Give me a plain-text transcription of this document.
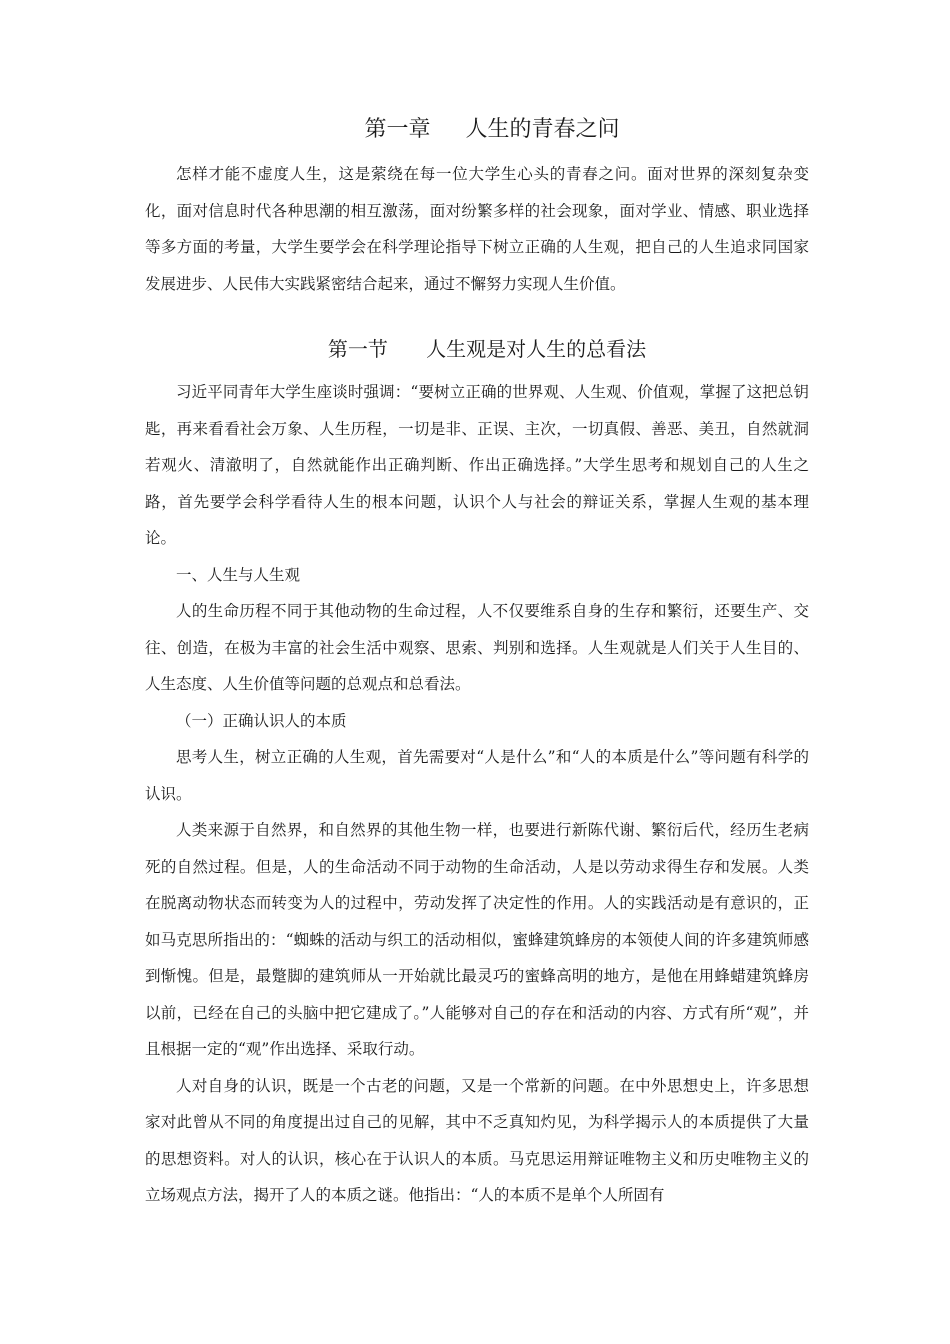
第一章     人生的青春之问

怎样才能不虚度人生，这是萦绕在每一位大学生心头的青春之问。面对世界的深刻复杂变化，面对信息时代各种思潮的相互激荡，面对纷繁多样的社会现象，面对学业、情感、职业选择等多方面的考量，大学生要学会在科学理论指导下树立正确的人生观，把自己的人生追求同国家发展进步、人民伟大实践紧密结合起来，通过不懈努力实现人生价值。

第一节      人生观是对人生的总看法

习近平同青年大学生座谈时强调：“要树立正确的世界观、人生观、价值观，掌握了这把总钥匙，再来看看社会万象、人生历程，一切是非、正误、主次，一切真假、善恶、美丑，自然就洞若观火、清澈明了，自然就能作出正确判断、作出正确选择。”大学生思考和规划自己的人生之路，首先要学会科学看待人生的根本问题，认识个人与社会的辩证关系，掌握人生观的基本理论。

一、人生与人生观

人的生命历程不同于其他动物的生命过程，人不仅要维系自身的生存和繁衍，还要生产、交往、创造，在极为丰富的社会生活中观察、思索、判别和选择。人生观就是人们关于人生目的、人生态度、人生价值等问题的总观点和总看法。

（一）正确认识人的本质

思考人生，树立正确的人生观，首先需要对“人是什么”和“人的本质是什么”等问题有科学的认识。

人类来源于自然界，和自然界的其他生物一样，也要进行新陈代谢、繁衍后代，经历生老病死的自然过程。但是，人的生命活动不同于动物的生命活动，人是以劳动求得生存和发展。人类在脱离动物状态而转变为人的过程中，劳动发挥了决定性的作用。人的实践活动是有意识的，正如马克思所指出的：“蜘蛛的活动与织工的活动相似，蜜蜂建筑蜂房的本领使人间的许多建筑师感到惭愧。但是，最蹩脚的建筑师从一开始就比最灵巧的蜜蜂高明的地方，是他在用蜂蜡建筑蜂房以前，已经在自己的头脑中把它建成了。”人能够对自己的存在和活动的内容、方式有所“观”，并且根据一定的“观”作出选择、采取行动。

人对自身的认识，既是一个古老的问题，又是一个常新的问题。在中外思想史上，许多思想家对此曾从不同的角度提出过自己的见解，其中不乏真知灼见，为科学揭示人的本质提供了大量的思想资料。对人的认识，核心在于认识人的本质。马克思运用辩证唯物主义和历史唯物主义的立场观点方法，揭开了人的本质之谜。他指出：“人的本质不是单个人所固有
